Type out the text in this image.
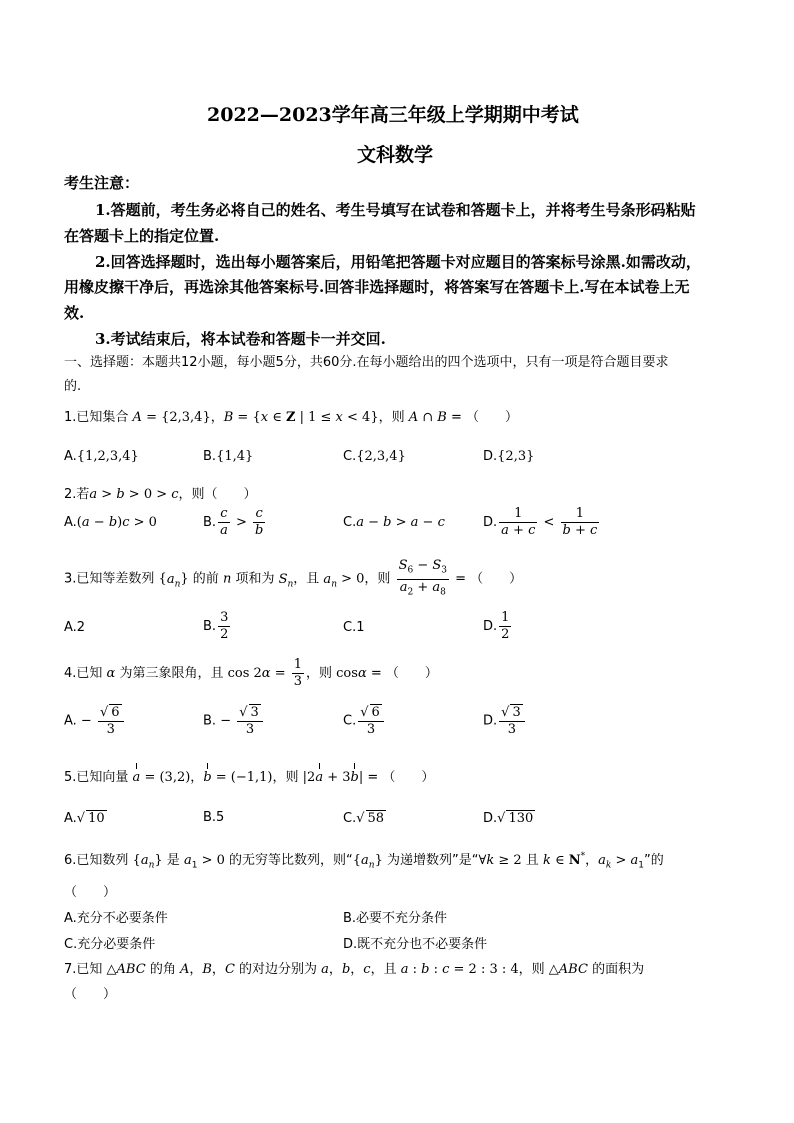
2022—2023学年高三年级上学期期中考试
文科数学
考生注意：
1.答题前，考生务必将自己的姓名、考生号填写在试卷和答题卡上，并将考生号条形码粘贴
在答题卡上的指定位置.
2.回答选择题时，选出每小题答案后，用铅笔把答题卡对应题目的答案标号涂黑.如需改动，
用橡皮擦干净后，再选涂其他答案标号.回答非选择题时，将答案写在答题卡上.写在本试卷上无
效.
3.考试结束后，将本试卷和答题卡一并交回.
一、选择题：本题共12小题，每小题5分，共60分.在每小题给出的四个选项中，只有一项是符合题目要求
的.
1.已知集合 A = {2,3,4}，B = {x ∈ Z | 1 ≤ x < 4}，则 A ∩ B = （　　）
A.{1,2,3,4}	B.{1,4}	C.{2,3,4}	D.{2,3}
2.若a > b > 0 > c，则（　　）
A.(a − b)c > 0	B. $\frac{c}{a} > \frac{c}{b}$	C.a − b > a − c	D. $\frac{1}{a + c} < \frac{1}{b + c}$
3.已知等差数列 $\{a_n\}$ 的前 n 项和为 $S_n$，且 $a_n > 0$，则 $\frac{S_6 - S_3}{a_2 + a_8}$ = （　　）
A.2	B. $\frac{3}{2}$	C.1	D. $\frac{1}{2}$
4.已知 α 为第三象限角，且 $\cos 2\alpha = \frac{1}{3}$ ，则 cosα = （　　）
A. − $\frac{√ 6}{3}$	B. − $\frac{√ 3}{3}$	C. $\frac{√ 6}{3}$	D. $\frac{√ 3}{3}$
5.已知向量 a = (3,2)，b = (−1,1)，则 |2a + 3b| = （　　）
A.√ 10	B.5	C.√ 58	D.√ 130
6.已知数列 $\{a_n\}$ 是 $a_1 > 0$ 的无穷等比数列，则“$\{a_n\}$ 为递增数列”是“∀k ≥ 2 且 k ∈ N*，$a_k > a_1$”的
（　　）
A.充分不必要条件	B.必要不充分条件
C.充分必要条件	D.既不充分也不必要条件
7.已知 △ABC 的角 A，B，C 的对边分别为 a，b，c，且 a : b : c = 2 : 3 : 4，则 △ABC 的面积为
（　　）
